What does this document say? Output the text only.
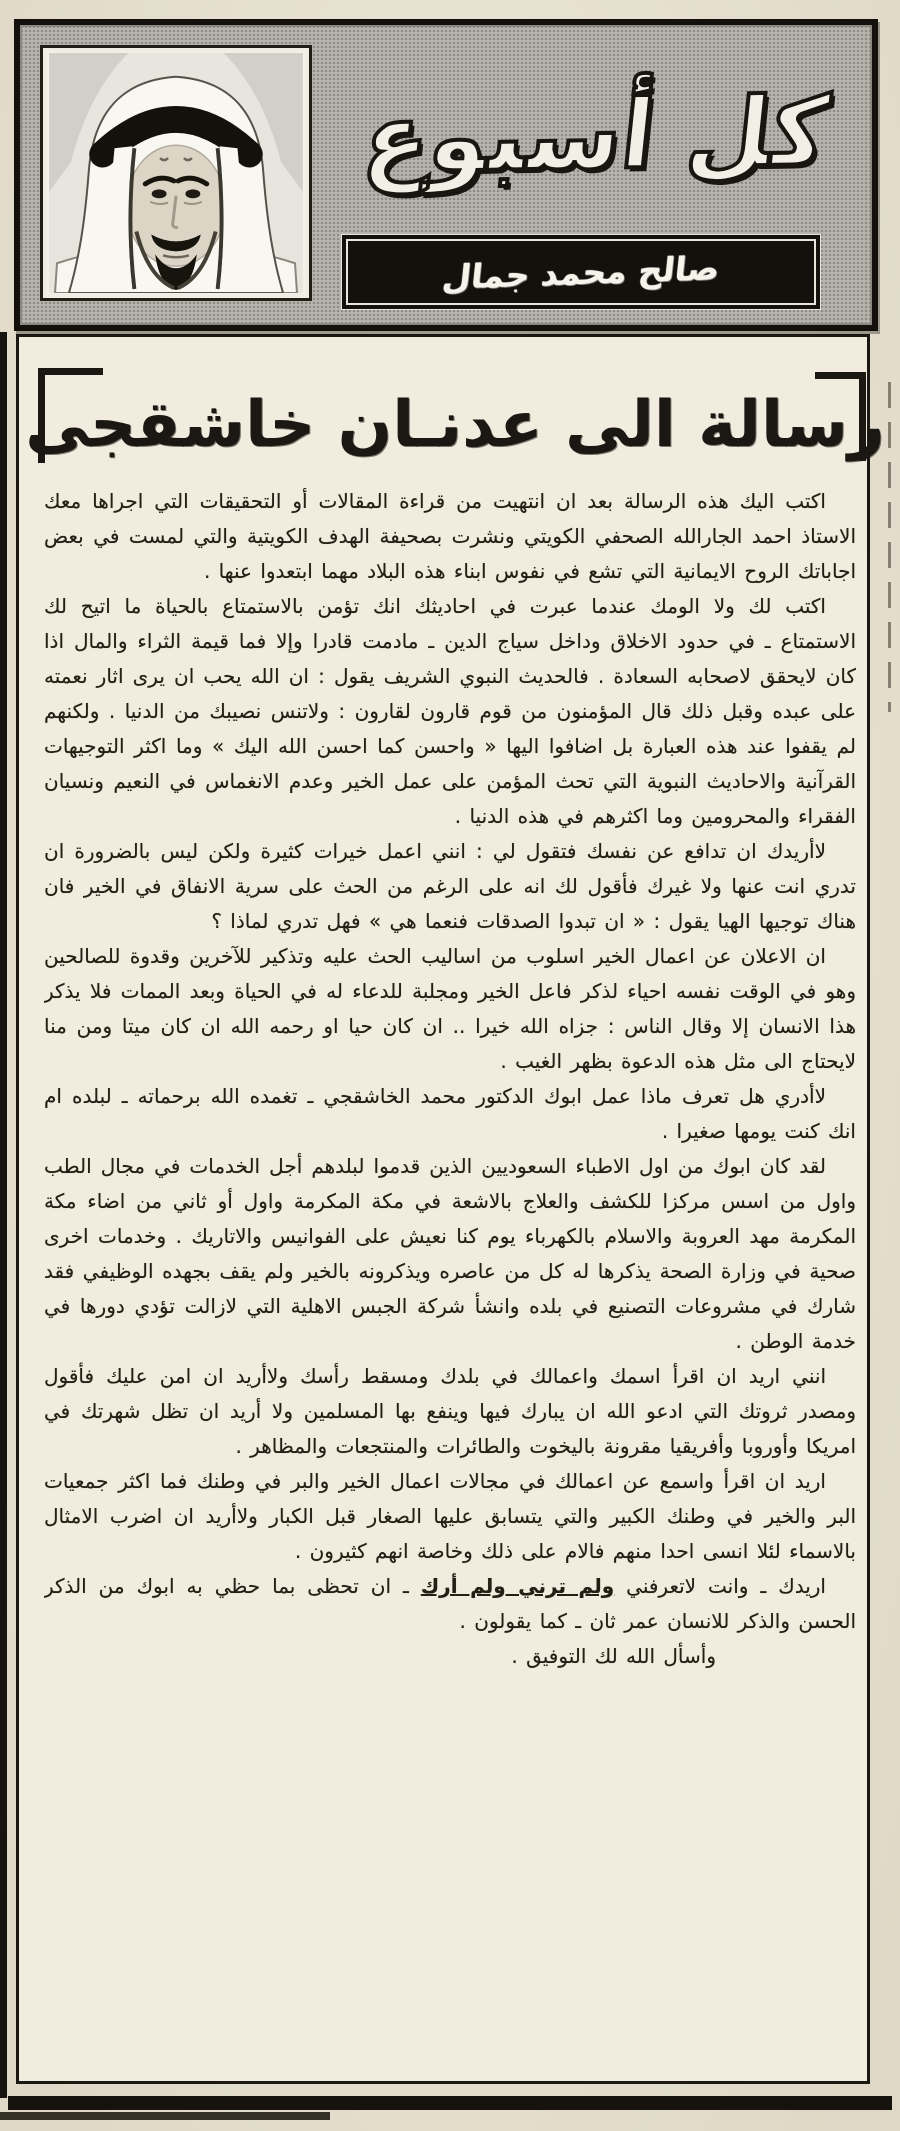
كل أسبوع
صالح محمد جمال
رسالة الى عدنـان خاشقجى

اكتب اليك هذه الرسالة بعد ان انتهيت من قراءة المقالات أو التحقيقات التي اجراها معك الاستاذ احمد الجارالله الصحفي الكويتي ونشرت بصحيفة الهدف الكويتية والتي لمست في بعض اجاباتك الروح الايمانية التي تشع في نفوس ابناء هذه البلاد مهما ابتعدوا عنها .

اكتب لك ولا الومك عندما عبرت في احاديثك انك تؤمن بالاستمتاع بالحياة ما اتيح لك الاستمتاع ـ في حدود الاخلاق وداخل سياج الدين ـ مادمت قادرا وإلا فما قيمة الثراء والمال اذا كان لايحقق لاصحابه السعادة . فالحديث النبوي الشريف يقول : ان الله يحب ان يرى اثار نعمته على عبده وقبل ذلك قال المؤمنون من قوم قارون لقارون : ولاتنس نصيبك من الدنيا . ولكنهم لم يقفوا عند هذه العبارة بل اضافوا اليها « واحسن كما احسن الله اليك » وما اكثر التوجيهات القرآنية والاحاديث النبوية التي تحث المؤمن على عمل الخير وعدم الانغماس في النعيم ونسيان الفقراء والمحرومين وما اكثرهم في هذه الدنيا .

لاأريدك ان تدافع عن نفسك فتقول لي : انني اعمل خيرات كثيرة ولكن ليس بالضرورة ان تدري انت عنها ولا غيرك فأقول لك انه على الرغم من الحث على سرية الانفاق في الخير فان هناك توجيها الهيا يقول : « ان تبدوا الصدقات فنعما هي » فهل تدري لماذا ؟

ان الاعلان عن اعمال الخير اسلوب من اساليب الحث عليه وتذكير للآخرين وقدوة للصالحين وهو في الوقت نفسه احياء لذكر فاعل الخير ومجلبة للدعاء له في الحياة وبعد الممات فلا يذكر هذا الانسان إلا وقال الناس : جزاه الله خيرا .. ان كان حيا او رحمه الله ان كان ميتا ومن منا لايحتاج الى مثل هذه الدعوة بظهر الغيب .

لاأدري هل تعرف ماذا عمل ابوك الدكتور محمد الخاشقجي ـ تغمده الله برحماته ـ لبلده ام انك كنت يومها صغيرا .

لقد كان ابوك من اول الاطباء السعوديين الذين قدموا لبلدهم أجل الخدمات في مجال الطب واول من اسس مركزا للكشف والعلاج بالاشعة في مكة المكرمة واول أو ثاني من اضاء مكة المكرمة مهد العروبة والاسلام بالكهرباء يوم كنا نعيش على الفوانيس والاتاريك . وخدمات اخرى صحية في وزارة الصحة يذكرها له كل من عاصره ويذكرونه بالخير ولم يقف بجهده الوظيفي فقد شارك في مشروعات التصنيع في بلده وانشأ شركة الجبس الاهلية التي لازالت تؤدي دورها في خدمة الوطن .

انني اريد ان اقرأ اسمك واعمالك في بلدك ومسقط رأسك ولاأريد ان امن عليك فأقول ومصدر ثروتك التي ادعو الله ان يبارك فيها وينفع بها المسلمين ولا أريد ان تظل شهرتك في امريكا وأوروبا وأفريقيا مقرونة باليخوت والطائرات والمنتجعات والمظاهر .

اريد ان اقرأ واسمع عن اعمالك في مجالات اعمال الخير والبر في وطنك فما اكثر جمعيات البر والخير في وطنك الكبير والتي يتسابق عليها الصغار قبل الكبار ولاأريد ان اضرب الامثال بالاسماء لئلا انسى احدا منهم فالام على ذلك وخاصة انهم كثيرون .

اريدك ـ وانت لاتعرفني ولم ترني ولم أرك ـ ان تحظى بما حظي به ابوك من الذكر الحسن والذكر للانسان عمر ثان ـ كما يقولون .

وأسأل الله لك التوفيق .
